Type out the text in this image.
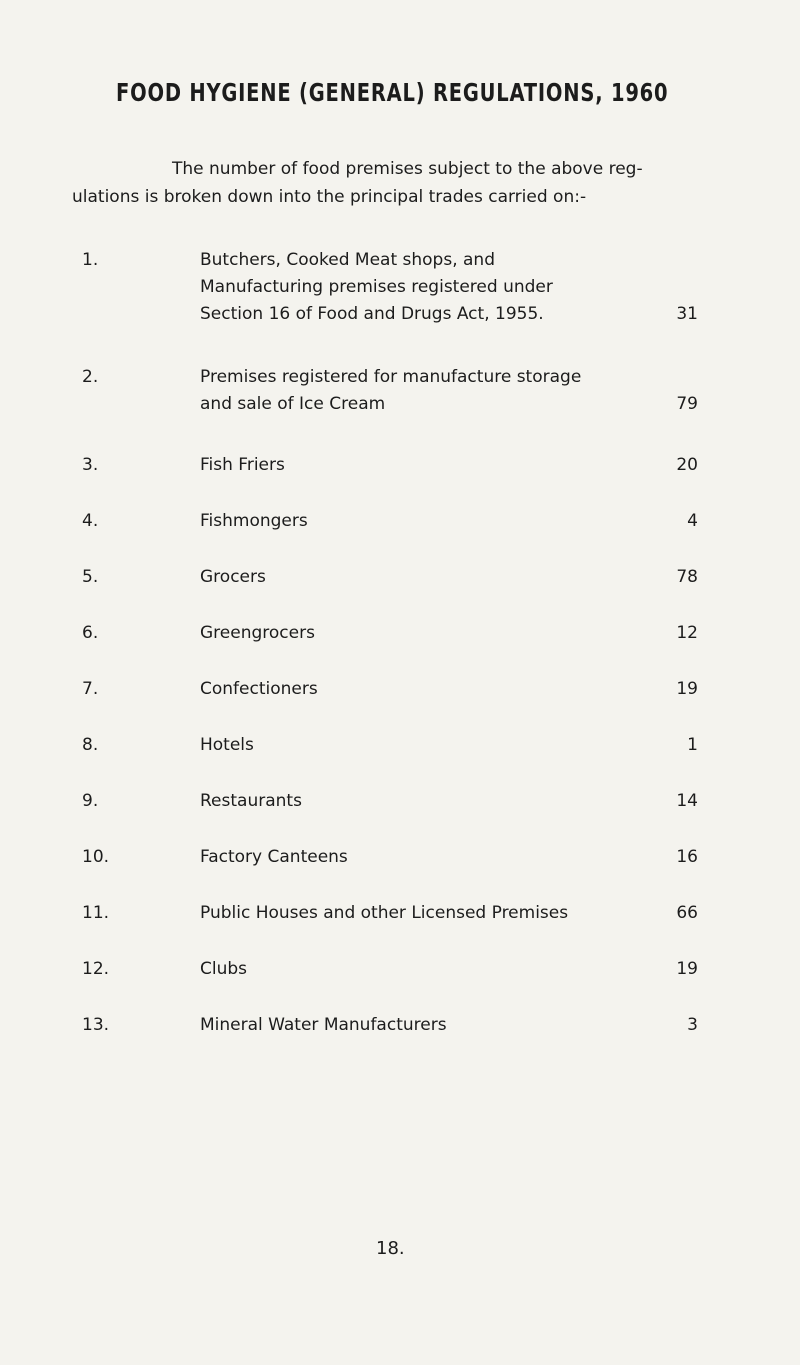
FOOD HYGIENE (GENERAL) REGULATIONS, 1960
The number of food premises subject to the above reg-
ulations is broken down into the principal trades carried on:-
1.	Butchers, Cooked Meat shops, and
Manufacturing premises registered under
Section 16 of Food and Drugs Act, 1955.	31
2.	Premises registered for manufacture storage
and sale of Ice Cream	79
3.	Fish Friers	20
4.	Fishmongers	4
5.	Grocers	78
6.	Greengrocers	12
7.	Confectioners	19
8.	Hotels	1
9.	Restaurants	14
10.	Factory Canteens	16
11.	Public Houses and other Licensed Premises	66
12.	Clubs	19
13.	Mineral Water Manufacturers	3
18.
